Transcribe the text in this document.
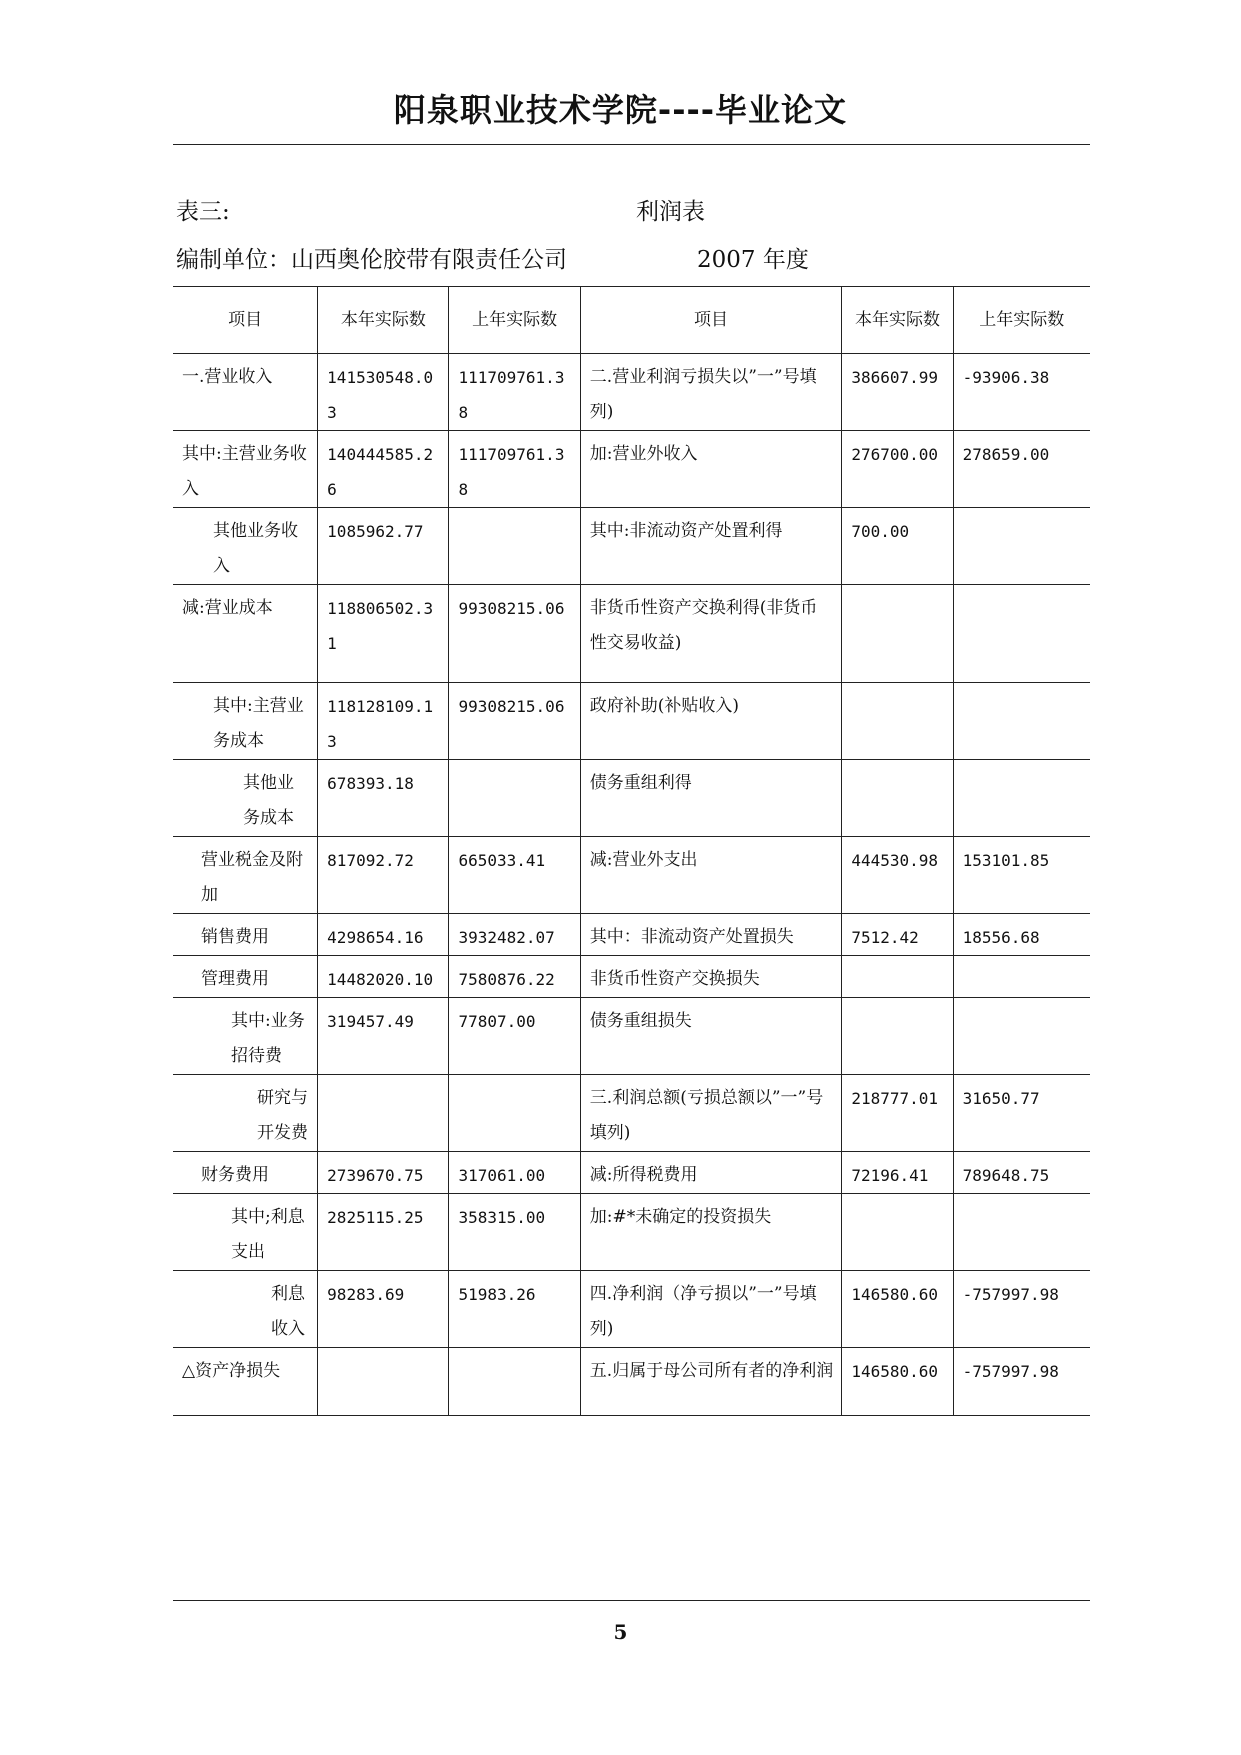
阳泉职业技术学院----毕业论文
表三:	利润表
编制单位：山西奥伦胶带有限责任公司	2007 年度
项目	本年实际数	上年实际数	项目	本年实际数	上年实际数
一.营业收入	141530548.03	111709761.38	二.营业利润亏损失以”一”号填列)	386607.99	-93906.38
其中:主营业务收入	140444585.26	111709761.38	加:营业外收入	276700.00	278659.00
其他业务收入	1085962.77		其中:非流动资产处置利得	700.00	
减:营业成本	118806502.31	99308215.06	非货币性资产交换利得(非货币性交易收益)		
其中:主营业务成本	118128109.13	99308215.06	政府补助(补贴收入)		
其他业务成本	678393.18		债务重组利得		
营业税金及附加	817092.72	665033.41	减:营业外支出	444530.98	153101.85
销售费用	4298654.16	3932482.07	其中：非流动资产处置损失	7512.42	18556.68
管理费用	14482020.10	7580876.22	非货币性资产交换损失		
其中:业务招待费	319457.49	77807.00	债务重组损失		
研究与开发费			三.利润总额(亏损总额以”一”号填列)	218777.01	31650.77
财务费用	2739670.75	317061.00	减:所得税费用	72196.41	789648.75
其中;利息支出	2825115.25	358315.00	加:#*未确定的投资损失		
利息收入	98283.69	51983.26	四.净利润（净亏损以”一”号填列)	146580.60	-757997.98
△资产净损失			五.归属于母公司所有者的净利润	146580.60	-757997.98
5
